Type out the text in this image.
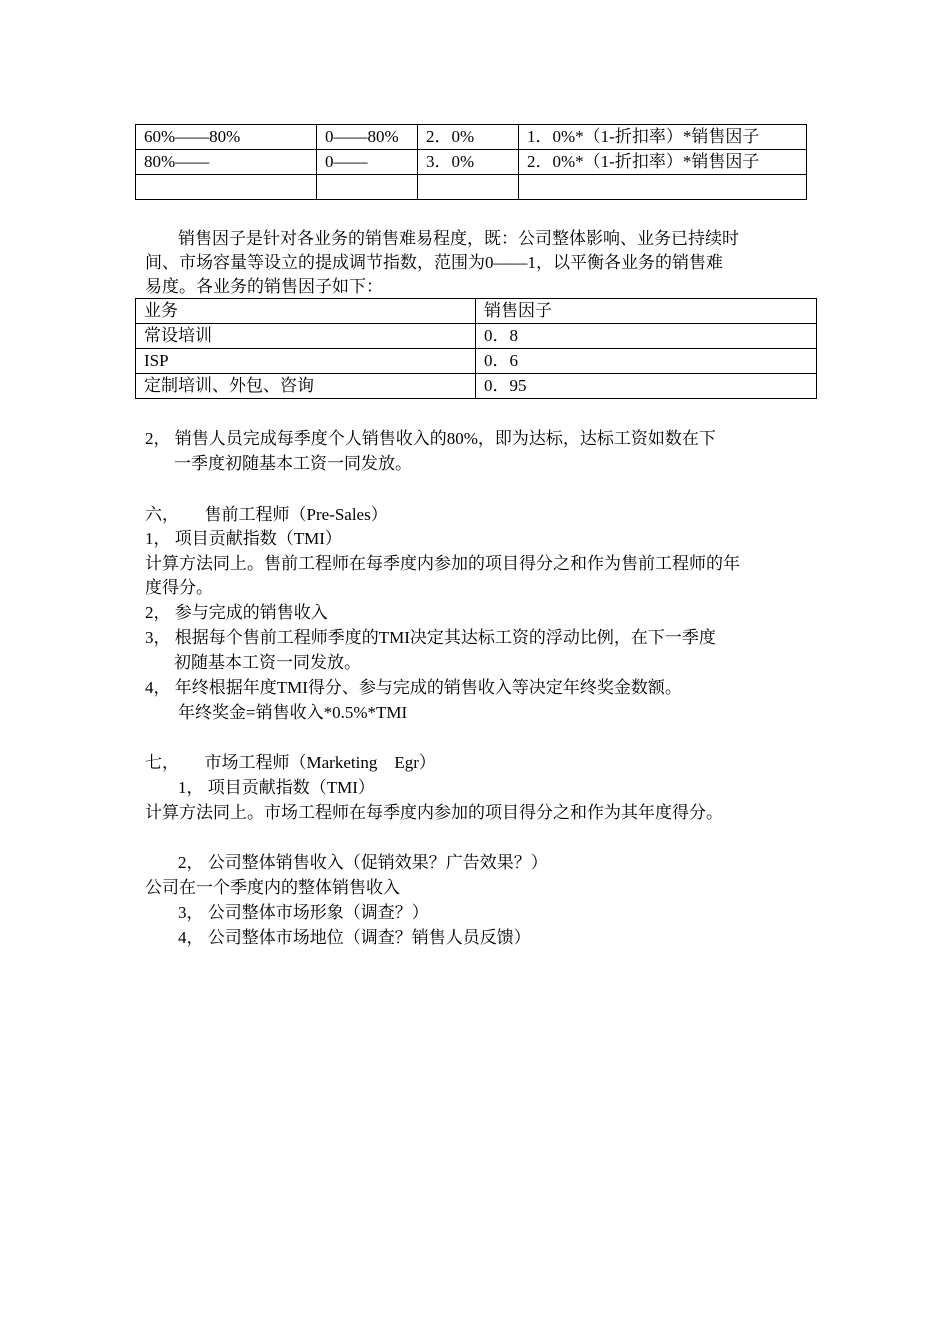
60%——80%	0——80%	2．0%	1．0%*（1-折扣率）*销售因子
80%——	0——	3．0%	2．0%*（1-折扣率）*销售因子

销售因子是针对各业务的销售难易程度，既：公司整体影响、业务已持续时
间、市场容量等设立的提成调节指数，范围为0——1，以平衡各业务的销售难
易度。各业务的销售因子如下：
业务	销售因子
常设培训	0．8
ISP	0．6
定制培训、外包、咨询	0．95
2， 销售人员完成每季度个人销售收入的80%，即为达标，达标工资如数在下
一季度初随基本工资一同发放。
六，　　售前工程师（Pre-Sales）
1， 项目贡献指数（TMI）
计算方法同上。售前工程师在每季度内参加的项目得分之和作为售前工程师的年
度得分。
2， 参与完成的销售收入
3， 根据每个售前工程师季度的TMI决定其达标工资的浮动比例，在下一季度
初随基本工资一同发放。
4， 年终根据年度TMI得分、参与完成的销售收入等决定年终奖金数额。
年终奖金=销售收入*0.5%*TMI
七，　　市场工程师（Marketing　Egr）
1， 项目贡献指数（TMI）
计算方法同上。市场工程师在每季度内参加的项目得分之和作为其年度得分。
2， 公司整体销售收入（促销效果？广告效果？）
公司在一个季度内的整体销售收入
3， 公司整体市场形象（调查？）
4， 公司整体市场地位（调查？销售人员反馈）
